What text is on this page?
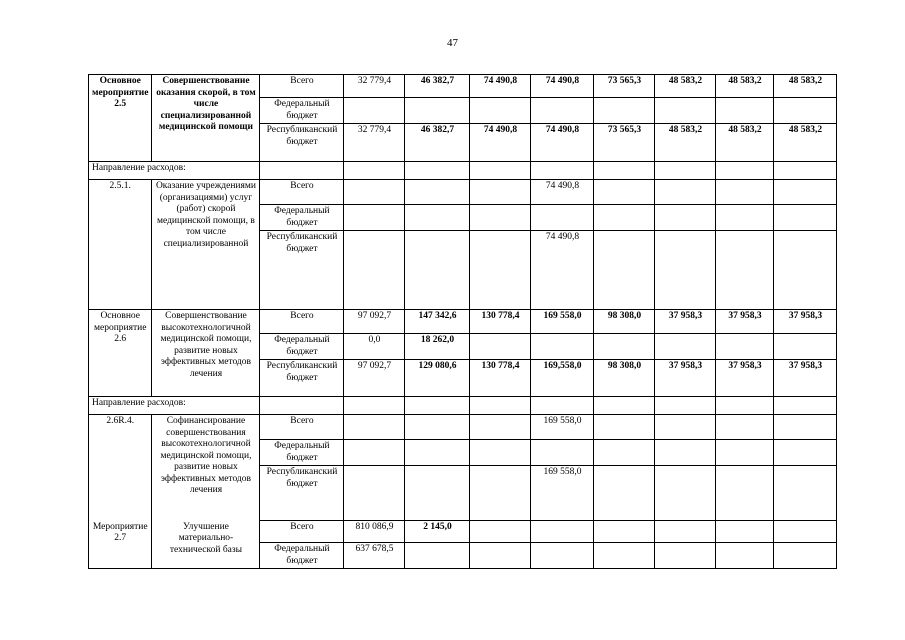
47
Основное мероприятие 2.5	Совершенствование оказания скорой, в том числе специализированной медицинской помощи	Всего	32 779,4	46 382,7	74 490,8	74 490,8	73 565,3	48 583,2	48 583,2	48 583,2
		Федеральный бюджет								
		Республиканский бюджет	32 779,4	46 382,7	74 490,8	74 490,8	73 565,3	48 583,2	48 583,2	48 583,2
Направление расходов:										
2.5.1.	Оказание учреждениями (организациями) услуг (работ) скорой медицинской помощи, в том числе специализированной	Всего				74 490,8				
		Федеральный бюджет								
		Республиканский бюджет				74 490,8				
Основное мероприятие 2.6	Совершенствование высокотехнологичной медицинской помощи, развитие новых эффективных методов лечения	Всего	97 092,7	147 342,6	130 778,4	169 558,0	98 308,0	37 958,3	37 958,3	37 958,3
		Федеральный бюджет	0,0	18 262,0						
		Республиканский бюджет	97 092,7	129 080,6	130 778,4	169,558,0	98 308,0	37 958,3	37 958,3	37 958,3
Направление расходов:										
2.6R.4.	Софинансирование совершенствования высокотехнологичной медицинской помощи, развитие новых эффективных методов лечения	Всего				169 558,0				
		Федеральный бюджет								
		Республиканский бюджет				169 558,0				
Мероприятие 2.7	Улучшение материально-технической базы	Всего	810 086,9	2 145,0						
		Федеральный бюджет	637 678,5							
